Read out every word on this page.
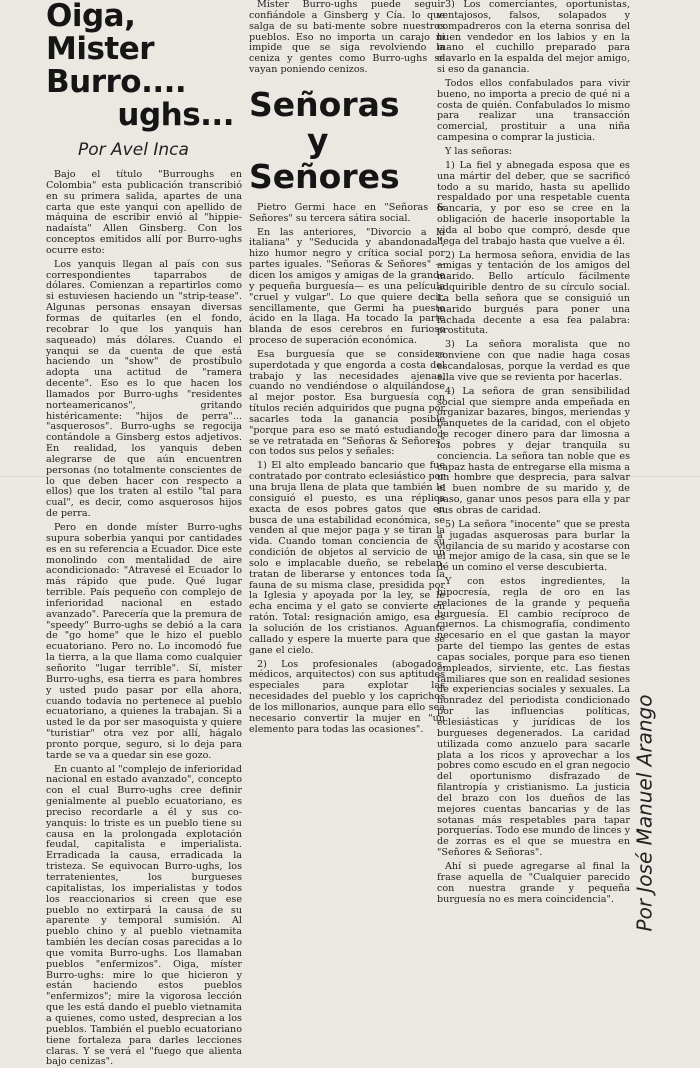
Oiga,
Mister
Burro....
ughs...
Por Avel Inca

Bajo el título "Burroughs en Colombia" esta publicación transcribió en su primera salida, apartes de una carta que este yanqui con apellido de máquina de escribir envió al "hippie-nadaísta" Allen Ginsberg. Con los conceptos emitidos allí por Burro-ughs ocurre esto:

Los yanquis llegan al país con sus correspondientes taparrabos de dólares. Comienzan a repartirlos como si estuviesen haciendo un "strip-tease". Algunas personas ensayan diversas formas de quitarles (en el fondo, recobrar lo que los yanquis han saqueado) más dólares. Cuando el yanqui se da cuenta de que está haciendo un "show" de prostíbulo adopta una actitud de "ramera decente". Eso es lo que hacen los llamados por Burro-ughs "residentes norteamericanos", gritando histéricamente: "hijos de perra"... "asquerosos". Burro-ughs se regocija contándole a Ginsberg estos adjetivos. En realidad, los yanquis deben alegrarse de que aún encuentren personas (no totalmente conscientes de lo que deben hacer con respecto a ellos) que los traten al estilo "tal para cual", es decir, como asquerosos hijos de perra.

Pero en donde míster Burro-ughs supura soberbia yanqui por cantidades es en su referencia a Ecuador. Dice este monolindo con mentalidad de aire acondicionado: "Atravesé el Ecuador lo más rápido que pude. Qué lugar terrible. País pequeño con complejo de inferioridad nacional en estado avanzado". Parecería que la premura de "speedy" Burro-ughs se debió a la cara de "go home" que le hizo el pueblo ecuatoriano. Pero no. Lo incomodó fue la tierra, a la que llama como cualquier señorito "lugar terrible". Sí, míster Burro-ughs, esa tierra es para hombres y usted pudo pasar por ella ahora, cuando todavía no pertenece al pueblo ecuatoriano, a quienes la trabajan. Si a usted le da por ser masoquista y quiere "turistiar" otra vez por allí, hágalo pronto porque, seguro, si lo deja para tarde se va a quedar sin ese gozo.

En cuanto al "complejo de inferioridad nacional en estado avanzado", concepto con el cual Burro-ughs cree definir genialmente al pueblo ecuatoriano, es preciso recordarle a él y sus co-yanquis: lo triste es un pueblo tiene su causa en la prolongada explotación feudal, capitalista e imperialista. Erradicada la causa, erradicada la tristeza. Se equivocan Burro-ughs, los terratenientes, los burgueses capitalistas, los imperialistas y todos los reaccionarios si creen que ese pueblo no extirpará la causa de su aparente y temporal sumisión. Al pueblo chino y al pueblo vietnamita también les decían cosas parecidas a lo que vomita Burro-ughs. Los llamaban pueblos "enfermizos". Oiga, míster Burro-ughs: mire lo que hicieron y están haciendo estos pueblos "enfermizos"; mire la vigorosa lección que les está dando el pueblo vietnamita a quienes, como usted, desprecian a los pueblos. También el pueblo ecuatoriano tiene fortaleza para darles lecciones claras. Y se verá el "fuego que alienta bajo cenizas".

Míster Burro-ughs puede seguir confiándole a Ginsberg y Cía. lo que salga de su bati-mente sobre nuestros pueblos. Eso no importa un carajo ni impide que se siga revolviendo la ceniza y gentes como Burro-ughs se vayan poniendo cenizos.

Señoras
y
Señores

Pietro Germi hace en "Señoras & Señores" su tercera sátira social.

En las anteriores, "Divorcio a la italiana" y "Seducida y abandonada", hizo humor negro y crítica social por partes iguales. "Señoras & Señores" —dicen los amigos y amigas de la grande y pequeña burguesía— es una película "cruel y vulgar". Lo que quiere decir, sencillamente, que Germi ha puesto ácido en la llaga. Ha tocado la parte blanda de esos cerebros en furioso proceso de superación económica.

Esa burguesía que se considera superdotada y que engorda a costa del trabajo y las necesidades ajenas, cuando no vendiéndose o alquilándose al mejor postor. Esa burguesía con títulos recién adquiridos que pugna por sacarles toda la ganancia posible "porque para eso se mató estudiando", se ve retratada en "Señoras & Señores" con todos sus pelos y señales:

1) El alto empleado bancario que fue contratado por contrato eclesiástico por una bruja llena de plata que también le consiguió el puesto, es una réplica exacta de esos pobres gatos que en busca de una estabilidad económica, se venden al que mejor paga y se tiran la vida. Cuando toman conciencia de su condición de objetos al servicio de un solo e implacable dueño, se rebelan, tratan de liberarse y entonces toda la fauna de su misma clase, presidida por la Iglesia y apoyada por la ley, se le echa encima y el gato se convierte en ratón. Total: resignación amigo, esa es la solución de los cristianos. Aguante callado y espere la muerte para que se gane el cielo.

2) Los profesionales (abogados, médicos, arquitectos) con sus aptitudes especiales para explotar las necesidades del pueblo y los caprichos de los millonarios, aunque para ello sea necesario convertir la mujer en "un elemento para todas las ocasiones".

3) Los comerciantes, oportunistas, ventajosos, falsos, solapados y compadreros con la eterna sonrisa del buen vendedor en los labios y en la mano el cuchillo preparado para clavarlo en la espalda del mejor amigo, si eso da ganancia.

Todos ellos confabulados para vivir bueno, no importa a precio de qué ni a costa de quién. Confabulados lo mismo para realizar una transacción comercial, prostituir a una niña campesina o comprar la justicia.

Y las señoras:

1) La fiel y abnegada esposa que es una mártir del deber, que se sacrificó todo a su marido, hasta su apellido respaldado por una respetable cuenta bancaria, y por eso se cree en la obligación de hacerle insoportable la vida al bobo que compró, desde que llega del trabajo hasta que vuelve a él.

2) La hermosa señora, envidia de las amigas y tentación de los amigos del marido. Bello artículo fácilmente adquirible dentro de su círculo social. La bella señora que se consiguió un marido burgués para poner una fachada decente a esa fea palabra: prostituta.

3) La señora moralista que no conviene con que nadie haga cosas escandalosas, porque la verdad es que ella vive que se revienta por hacerlas.

4) La señora de gran sensibilidad social que siempre anda empeñada en organizar bazares, bingos, meriendas y banquetes de la caridad, con el objeto de recoger dinero para dar limosna a los pobres y dejar tranquila su conciencia. La señora tan noble que es capaz hasta de entregarse ella misma a un hombre que desprecia, para salvar el buen nombre de su marido y, de paso, ganar unos pesos para ella y par sus obras de caridad.

5) La señora "inocente" que se presta a jugadas asquerosas para burlar la vigilancia de su marido y acostarse con el mejor amigo de la casa, sin que se le dé un comino el verse descubierta.

Y con estos ingredientes, la hipocresía, regla de oro en las relaciones de la grande y pequeña burguesía. El cambio recíproco de cuernos. La chismografía, condimento necesario en el que gastan la mayor parte del tiempo las gentes de estas capas sociales, porque para eso tienen empleados, sirviente, etc. Las fiestas familiares que son en realidad sesiones de experiencias sociales y sexuales. La honradez del periodista condicionado por las influencias políticas, eclesiásticas y jurídicas de los burgueses degenerados. La caridad utilizada como anzuelo para sacarle plata a los ricos y aprovechar a los pobres como escudo en el gran negocio del oportunismo disfrazado de filantropía y cristianismo. La justicia del brazo con los dueños de las mejores cuentas bancarias y de las sotanas más respetables para tapar porquerías. Todo ese mundo de linces y de zorras es el que se muestra en "Señores & Señoras".

Ahí si puede agregarse al final la frase aquella de "Cualquier parecido con nuestra grande y pequeña burguesía no es mera coincidencia". Por José Manuel Arango
